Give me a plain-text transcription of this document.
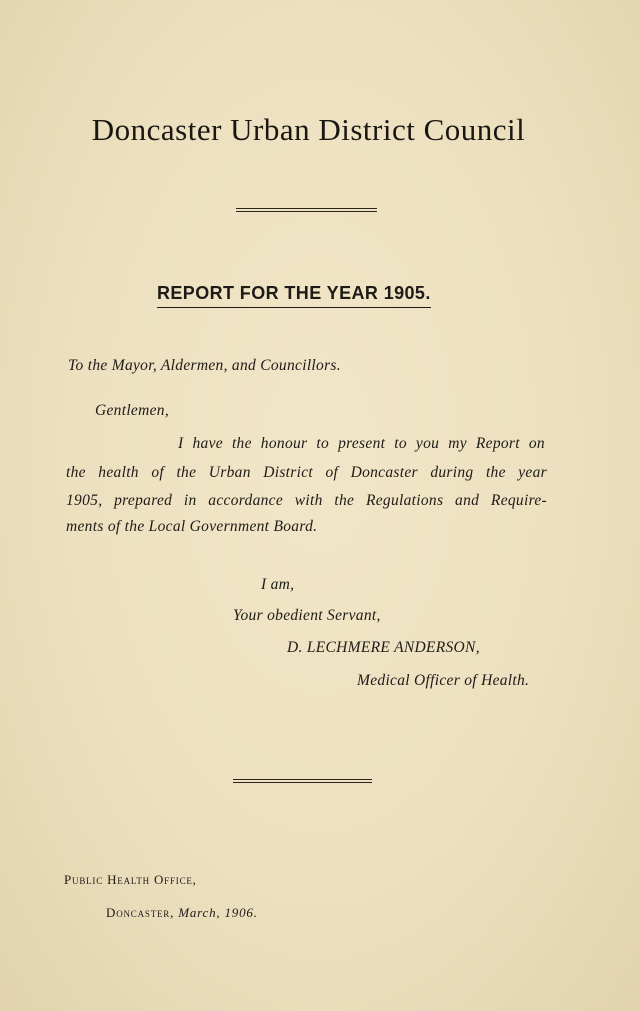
Doncaster Urban District Council
REPORT FOR THE YEAR 1905.
To the Mayor, Aldermen, and Councillors.
Gentlemen,
I have the honour to present to you my Report on
the health of the Urban District of Doncaster during the year
1905, prepared in accordance with the Regulations and Require-
ments of the Local Government Board.
I am,
Your obedient Servant,
D. LECHMERE ANDERSON,
Medical Officer of Health.
Public Health Office,
Doncaster, March, 1906.
